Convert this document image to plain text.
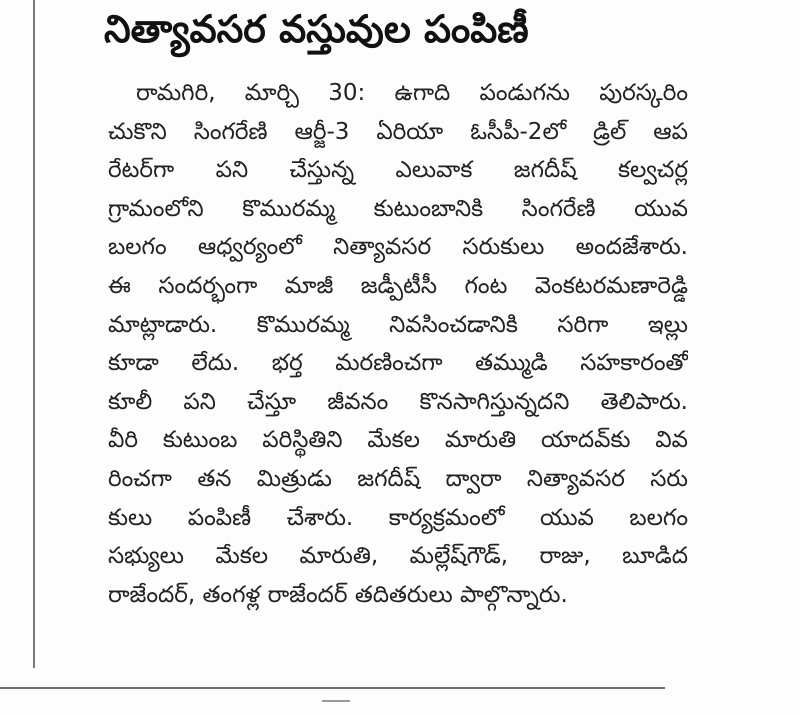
నిత్యావసర వస్తువుల పంపిణీ
రామగిరి, మార్చి 30: ఉగాది పండుగను పురస్కరిం
చుకొని సింగరేణి ఆర్జీ-3 ఏరియా ఓసీపీ-2లో డ్రిల్ ఆప
రేటర్‌గా పని చేస్తున్న ఎలువాక జగదీష్ కల్వచర్ల
గ్రామంలోని కొమురమ్మ కుటుంబానికి సింగరేణి యువ
బలగం ఆధ్వర్యంలో నిత్యావసర సరుకులు అందజేశారు.
ఈ సందర్భంగా మాజీ జడ్పీటీసీ గంట వెంకటరమణారెడ్డి
మాట్లాడారు. కొమురమ్మ నివసించడానికి సరిగా ఇల్లు
కూడా లేదు. భర్త మరణించగా తమ్ముడి సహకారంతో
కూలీ పని చేస్తూ జీవనం కొనసాగిస్తున్నదని తెలిపారు.
వీరి కుటుంబ పరిస్థితిని మేకల మారుతి యాదవ్‌కు వివ
రించగా తన మిత్రుడు జగదీష్ ద్వారా నిత్యావసర సరు
కులు పంపిణీ చేశారు. కార్యక్రమంలో యువ బలగం
సభ్యులు మేకల మారుతి, మల్లేష్‌గౌడ్, రాజు, బూడిద
రాజేందర్, తంగళ్ల రాజేందర్ తదితరులు పాల్గొన్నారు.
